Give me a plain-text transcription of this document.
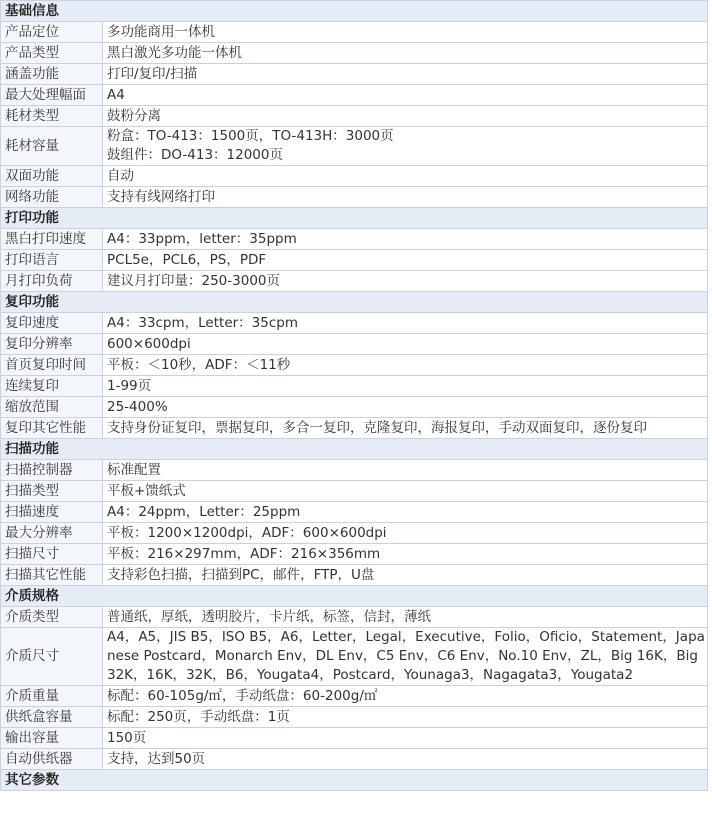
基础信息	
产品定位	多功能商用一体机
产品类型	黑白激光多功能一体机
涵盖功能	打印/复印/扫描
最大处理幅面	A4
耗材类型	鼓粉分离
耗材容量	粉盒：TO-413：1500页，TO-413H：3000页
鼓组件：DO-413：12000页

双面功能	自动
网络功能	支持有线网络打印
打印功能	
黑白打印速度	A4：33ppm，letter：35ppm
打印语言	PCL5e，PCL6，PS，PDF
月打印负荷	建议月打印量：250-3000页
复印功能	
复印速度	A4：33cpm，Letter：35cpm
复印分辨率	600×600dpi
首页复印时间	平板：＜10秒，ADF：＜11秒
连续复印	1-99页
缩放范围	25-400%
复印其它性能	支持身份证复印，票据复印，多合一复印，克隆复印，海报复印，手动双面复印，逐份复印
扫描功能	
扫描控制器	标准配置
扫描类型	平板+馈纸式
扫描速度	A4：24ppm，Letter：25ppm
最大分辨率	平板：1200×1200dpi，ADF：600×600dpi
扫描尺寸	平板：216×297mm，ADF：216×356mm
扫描其它性能	支持彩色扫描，扫描到PC，邮件，FTP，U盘
介质规格	
介质类型	普通纸，厚纸，透明胶片，卡片纸，标签，信封，薄纸
介质尺寸	A4，A5，JIS B5，ISO B5，A6，Letter，Legal，Executive，Folio，Oficio，Statement，Japanese Postcard，Monarch Env，DL Env，C5 Env，C6 Env，No.10 Env，ZL，Big 16K，Big 32K，16K，32K，B6，Yougata4，Postcard，Younaga3，Nagagata3，Yougata2
介质重量	标配：60-105g/㎡，手动纸盘：60-200g/㎡
供纸盒容量	标配：250页，手动纸盘：1页
输出容量	150页
自动供纸器	支持，达到50页
其它参数	
